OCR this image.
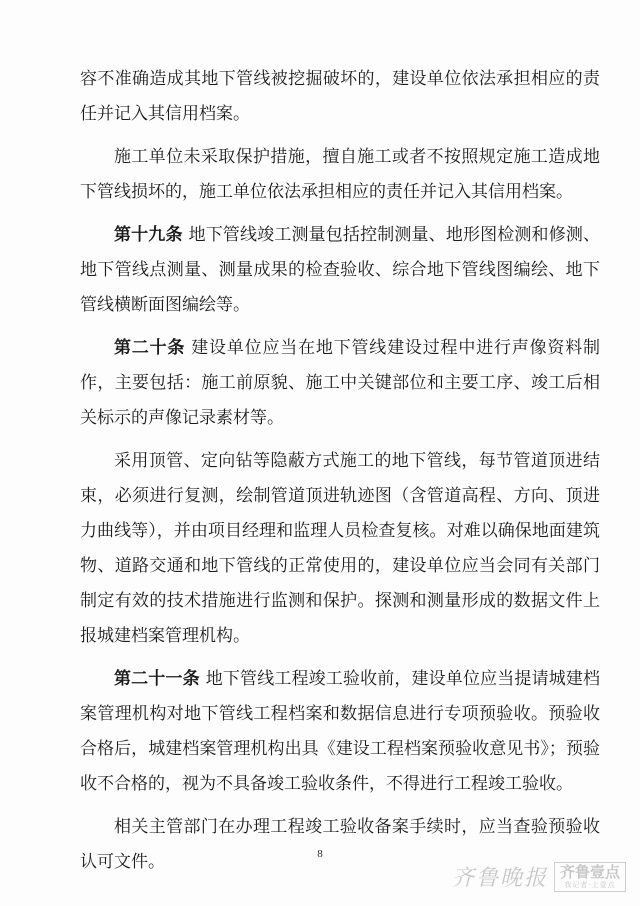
容不准确造成其地下管线被挖掘破坏的，建设单位依法承担相应的责任并记入其信用档案。

施工单位未采取保护措施，擅自施工或者不按照规定施工造成地下管线损坏的，施工单位依法承担相应的责任并记入其信用档案。

第十九条 地下管线竣工测量包括控制测量、地形图检测和修测、地下管线点测量、测量成果的检查验收、综合地下管线图编绘、地下管线横断面图编绘等。

第二十条 建设单位应当在地下管线建设过程中进行声像资料制作，主要包括：施工前原貌、施工中关键部位和主要工序、竣工后相关标示的声像记录素材等。

采用顶管、定向钻等隐蔽方式施工的地下管线，每节管道顶进结束，必须进行复测，绘制管道顶进轨迹图（含管道高程、方向、顶进力曲线等），并由项目经理和监理人员检查复核。对难以确保地面建筑物、道路交通和地下管线的正常使用的，建设单位应当会同有关部门制定有效的技术措施进行监测和保护。探测和测量形成的数据文件上报城建档案管理机构。

第二十一条 地下管线工程竣工验收前，建设单位应当提请城建档案管理机构对地下管线工程档案和数据信息进行专项预验收。预验收合格后，城建档案管理机构出具《建设工程档案预验收意见书》；预验收不合格的，视为不具备竣工验收条件，不得进行工程竣工验收。

相关主管部门在办理工程竣工验收备案手续时，应当查验预验收认可文件。	8
齐鲁晚报 齐鲁壹点
我记者·上壹点
